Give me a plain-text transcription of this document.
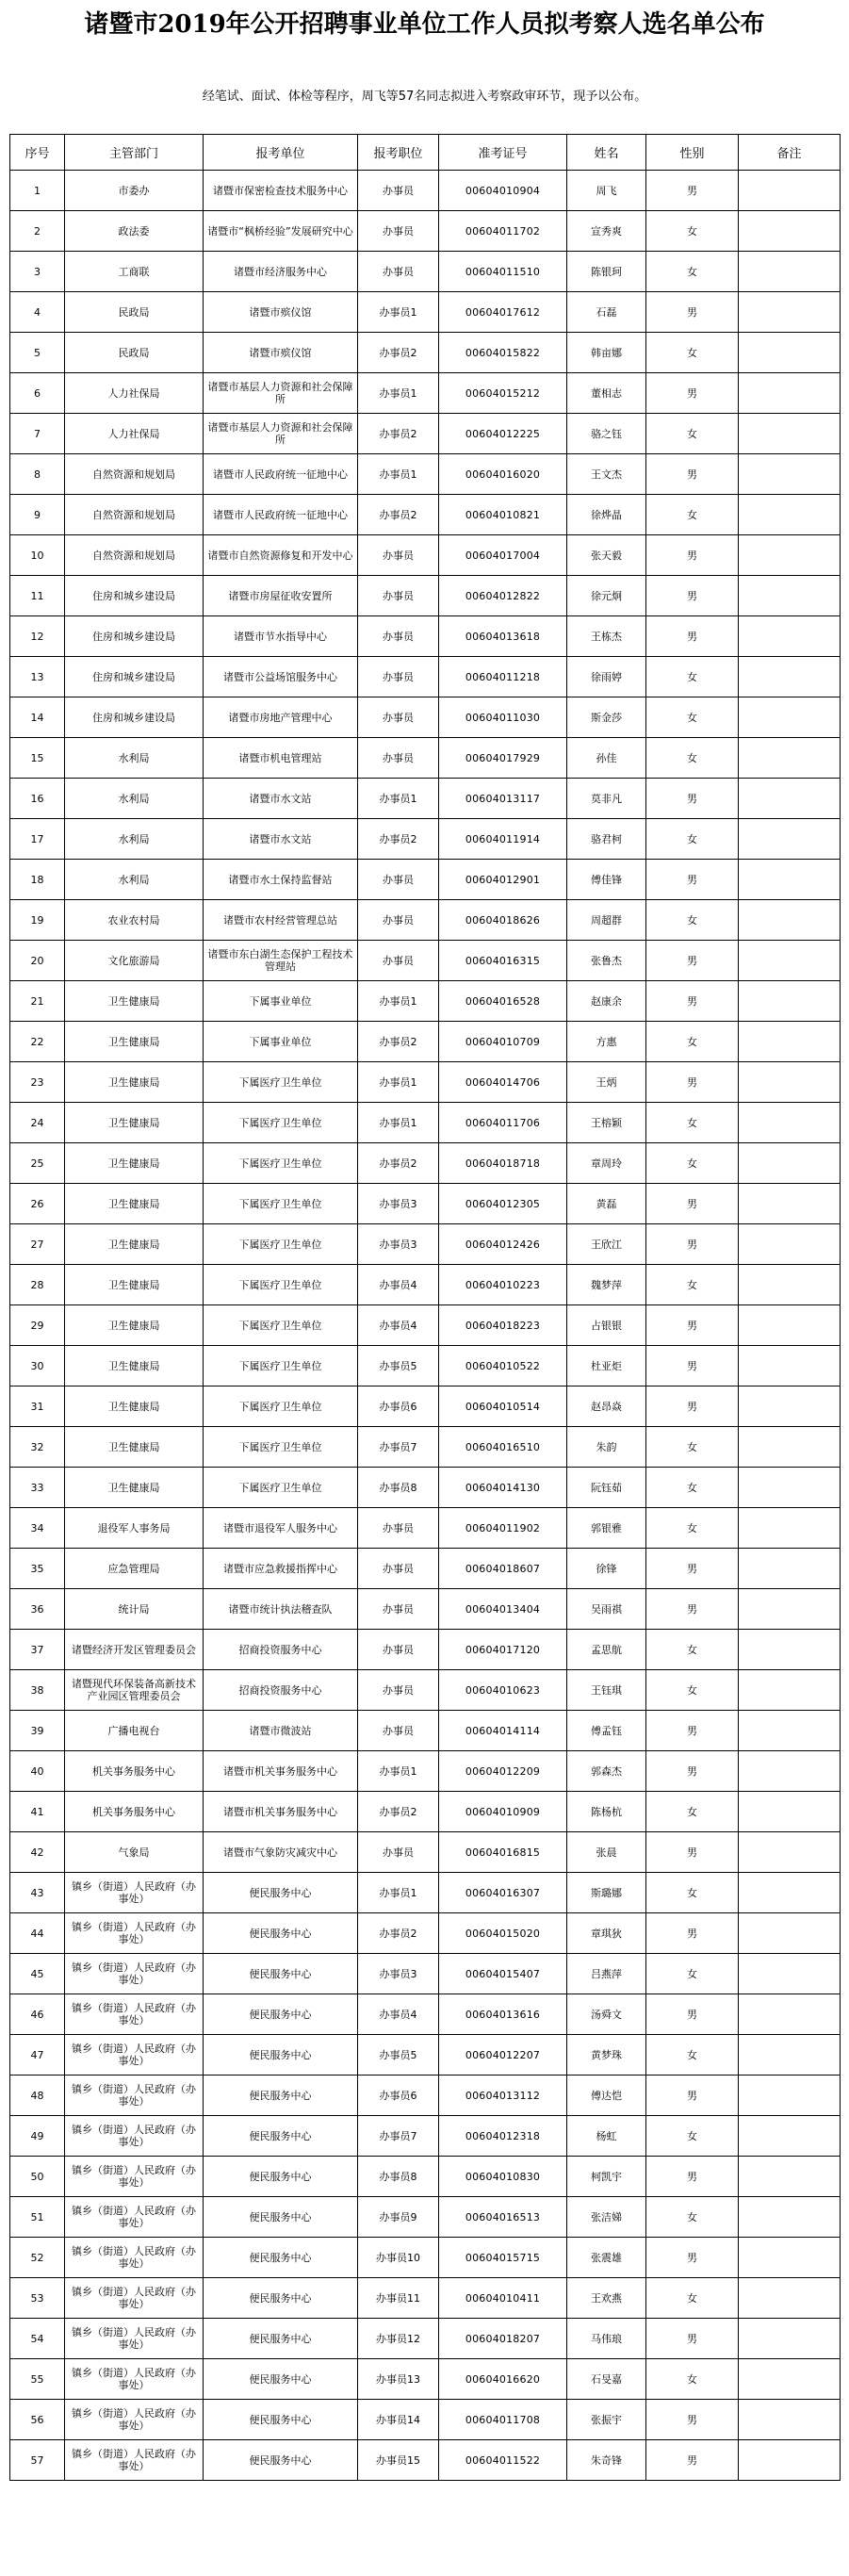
诸暨市2019年公开招聘事业单位工作人员拟考察人选名单公布
经笔试、面试、体检等程序，周飞等57名同志拟进入考察政审环节，现予以公布。
序号	主管部门	报考单位	报考职位	准考证号	姓名	性别	备注
1	市委办	诸暨市保密检查技术服务中心	办事员	00604010904	周飞	男	
2	政法委	诸暨市“枫桥经验”发展研究中心	办事员	00604011702	宣秀爽	女	
3	工商联	诸暨市经济服务中心	办事员	00604011510	陈银珂	女	
4	民政局	诸暨市殡仪馆	办事员1	00604017612	石磊	男	
5	民政局	诸暨市殡仪馆	办事员2	00604015822	韩亩娜	女	
6	人力社保局	诸暨市基层人力资源和社会保障所	办事员1	00604015212	董相志	男	
7	人力社保局	诸暨市基层人力资源和社会保障所	办事员2	00604012225	骆之钰	女	
8	自然资源和规划局	诸暨市人民政府统一征地中心	办事员1	00604016020	王文杰	男	
9	自然资源和规划局	诸暨市人民政府统一征地中心	办事员2	00604010821	徐烨晶	女	
10	自然资源和规划局	诸暨市自然资源修复和开发中心	办事员	00604017004	张天毅	男	
11	住房和城乡建设局	诸暨市房屋征收安置所	办事员	00604012822	徐元炯	男	
12	住房和城乡建设局	诸暨市节水指导中心	办事员	00604013618	王栋杰	男	
13	住房和城乡建设局	诸暨市公益场馆服务中心	办事员	00604011218	徐雨婷	女	
14	住房和城乡建设局	诸暨市房地产管理中心	办事员	00604011030	斯金莎	女	
15	水利局	诸暨市机电管理站	办事员	00604017929	孙佳	女	
16	水利局	诸暨市水文站	办事员1	00604013117	莫非凡	男	
17	水利局	诸暨市水文站	办事员2	00604011914	骆君柯	女	
18	水利局	诸暨市水土保持监督站	办事员	00604012901	傅佳锋	男	
19	农业农村局	诸暨市农村经营管理总站	办事员	00604018626	周超群	女	
20	文化旅游局	诸暨市东白湖生态保护工程技术管理站	办事员	00604016315	张鲁杰	男	
21	卫生健康局	下属事业单位	办事员1	00604016528	赵康余	男	
22	卫生健康局	下属事业单位	办事员2	00604010709	方惠	女	
23	卫生健康局	下属医疗卫生单位	办事员1	00604014706	王炳	男	
24	卫生健康局	下属医疗卫生单位	办事员1	00604011706	王榕颖	女	
25	卫生健康局	下属医疗卫生单位	办事员2	00604018718	章周玲	女	
26	卫生健康局	下属医疗卫生单位	办事员3	00604012305	黄磊	男	
27	卫生健康局	下属医疗卫生单位	办事员3	00604012426	王欣江	男	
28	卫生健康局	下属医疗卫生单位	办事员4	00604010223	魏梦萍	女	
29	卫生健康局	下属医疗卫生单位	办事员4	00604018223	占银银	男	
30	卫生健康局	下属医疗卫生单位	办事员5	00604010522	杜亚炬	男	
31	卫生健康局	下属医疗卫生单位	办事员6	00604010514	赵昂焱	男	
32	卫生健康局	下属医疗卫生单位	办事员7	00604016510	朱韵	女	
33	卫生健康局	下属医疗卫生单位	办事员8	00604014130	阮钰茹	女	
34	退役军人事务局	诸暨市退役军人服务中心	办事员	00604011902	郭银雅	女	
35	应急管理局	诸暨市应急救援指挥中心	办事员	00604018607	徐锋	男	
36	统计局	诸暨市统计执法稽查队	办事员	00604013404	吴雨祺	男	
37	诸暨经济开发区管理委员会	招商投资服务中心	办事员	00604017120	孟思航	女	
38	诸暨现代环保装备高新技术产业园区管理委员会	招商投资服务中心	办事员	00604010623	王钰琪	女	
39	广播电视台	诸暨市微波站	办事员	00604014114	傅孟钰	男	
40	机关事务服务中心	诸暨市机关事务服务中心	办事员1	00604012209	郭森杰	男	
41	机关事务服务中心	诸暨市机关事务服务中心	办事员2	00604010909	陈杨杭	女	
42	气象局	诸暨市气象防灾减灾中心	办事员	00604016815	张晨	男	
43	镇乡（街道）人民政府（办事处）	便民服务中心	办事员1	00604016307	斯璐娜	女	
44	镇乡（街道）人民政府（办事处）	便民服务中心	办事员2	00604015020	章琪狄	男	
45	镇乡（街道）人民政府（办事处）	便民服务中心	办事员3	00604015407	吕燕萍	女	
46	镇乡（街道）人民政府（办事处）	便民服务中心	办事员4	00604013616	汤舜文	男	
47	镇乡（街道）人民政府（办事处）	便民服务中心	办事员5	00604012207	黄梦珠	女	
48	镇乡（街道）人民政府（办事处）	便民服务中心	办事员6	00604013112	傅达恺	男	
49	镇乡（街道）人民政府（办事处）	便民服务中心	办事员7	00604012318	杨虹	女	
50	镇乡（街道）人民政府（办事处）	便民服务中心	办事员8	00604010830	柯凯宇	男	
51	镇乡（街道）人民政府（办事处）	便民服务中心	办事员9	00604016513	张洁娣	女	
52	镇乡（街道）人民政府（办事处）	便民服务中心	办事员10	00604015715	张震雄	男	
53	镇乡（街道）人民政府（办事处）	便民服务中心	办事员11	00604010411	王欢燕	女	
54	镇乡（街道）人民政府（办事处）	便民服务中心	办事员12	00604018207	马伟琅	男	
55	镇乡（街道）人民政府（办事处）	便民服务中心	办事员13	00604016620	石旻嘉	女	
56	镇乡（街道）人民政府（办事处）	便民服务中心	办事员14	00604011708	张振宇	男	
57	镇乡（街道）人民政府（办事处）	便民服务中心	办事员15	00604011522	朱奇锋	男	
